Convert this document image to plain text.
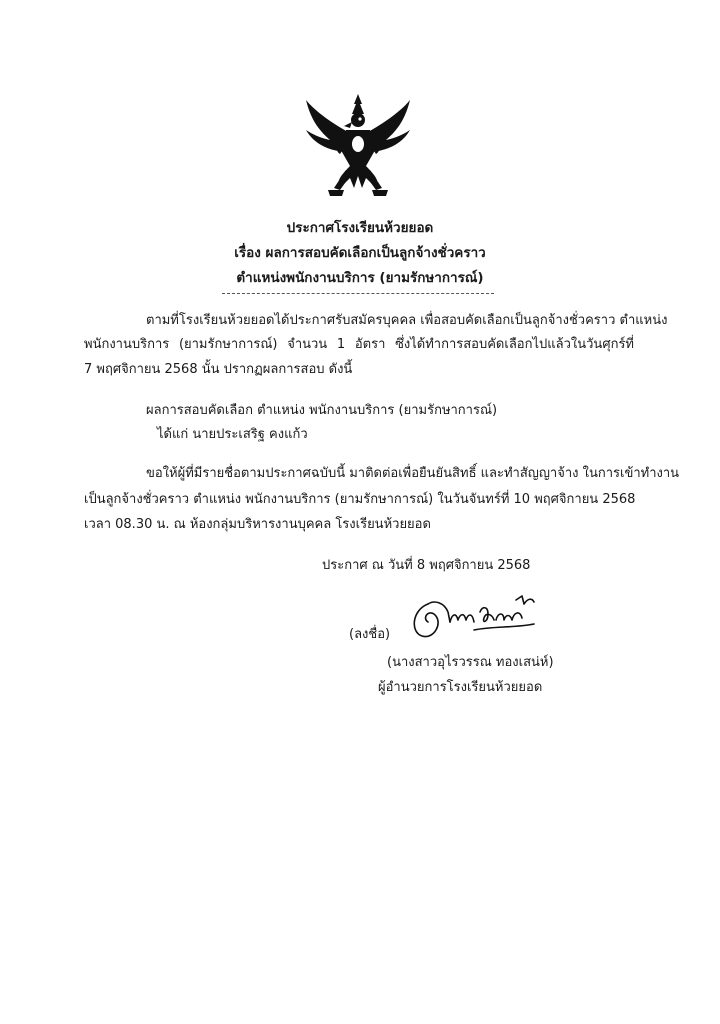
ประกาศโรงเรียนห้วยยอด
เรื่อง ผลการสอบคัดเลือกเป็นลูกจ้างชั่วคราว
ตำแหน่งพนักงานบริการ (ยามรักษาการณ์)
ตามที่โรงเรียนห้วยยอดได้ประกาศรับสมัครบุคคล เพื่อสอบคัดเลือกเป็นลูกจ้างชั่วคราว ตำแหน่ง
พนักงานบริการ (ยามรักษาการณ์) จำนวน 1 อัตรา ซึ่งได้ทำการสอบคัดเลือกไปแล้วในวันศุกร์ที่
7 พฤศจิกายน 2568 นั้น ปรากฏผลการสอบ ดังนี้
ผลการสอบคัดเลือก ตำแหน่ง พนักงานบริการ (ยามรักษาการณ์)
ได้แก่ นายประเสริฐ คงแก้ว
ขอให้ผู้ที่มีรายชื่อตามประกาศฉบับนี้ มาติดต่อเพื่อยืนยันสิทธิ์ และทำสัญญาจ้าง ในการเข้าทำงาน
เป็นลูกจ้างชั่วคราว ตำแหน่ง พนักงานบริการ (ยามรักษาการณ์) ในวันจันทร์ที่ 10 พฤศจิกายน 2568
เวลา 08.30 น. ณ ห้องกลุ่มบริหารงานบุคคล โรงเรียนห้วยยอด
ประกาศ ณ วันที่ 8 พฤศจิกายน 2568
(ลงชื่อ)
(นางสาวอุไรวรรณ ทองเสน่ห์)
ผู้อำนวยการโรงเรียนห้วยยอด
